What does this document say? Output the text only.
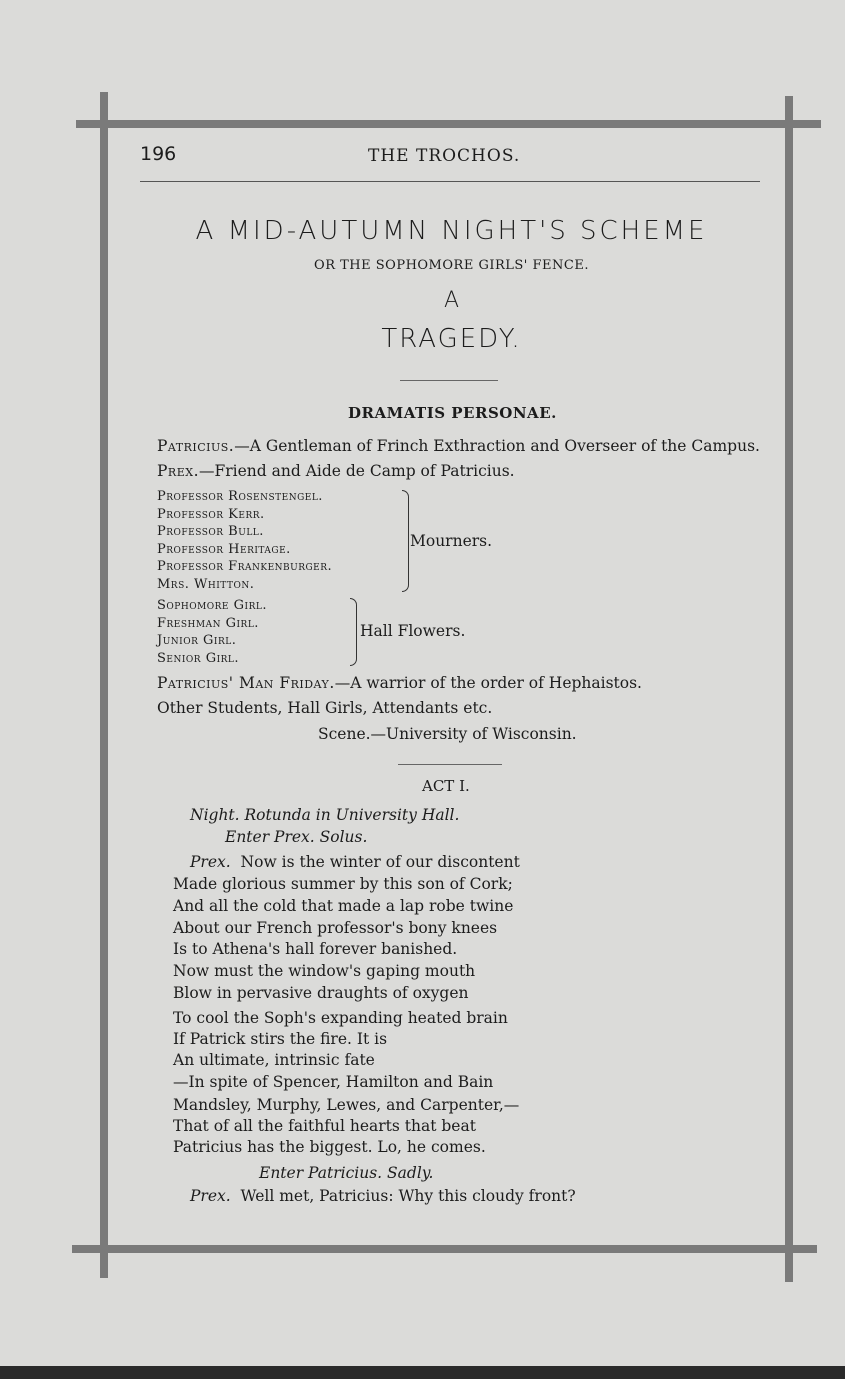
196	THE TROCHOS.
A MID-AUTUMN NIGHT'S SCHEME
OR THE SOPHOMORE GIRLS' FENCE.
A
TRAGEDY.
DRAMATIS PERSONAE.
Patricius.—A Gentleman of Frinch Exthraction and Overseer of the Campus.
Prex.—Friend and Aide de Camp of Patricius.
Professor Rosenstengel.
Professor Kerr.
Professor Bull.
Professor Heritage.
Professor Frankenburger.
Mrs. Whitton.
Mourners.
Sophomore Girl.
Freshman Girl.
Junior Girl.
Senior Girl.
Hall Flowers.
Patricius' Man Friday.—A warrior of the order of Hephaistos.
Other Students, Hall Girls, Attendants etc.
Scene.—University of Wisconsin.
ACT I.
Night. Rotunda in University Hall.
Enter Prex. Solus.
Prex. Now is the winter of our discontent
Made glorious summer by this son of Cork;
And all the cold that made a lap robe twine
About our French professor's bony knees
Is to Athena's hall forever banished.
Now must the window's gaping mouth
Blow in pervasive draughts of oxygen
To cool the Soph's expanding heated brain
If Patrick stirs the fire. It is
An ultimate, intrinsic fate
—In spite of Spencer, Hamilton and Bain
Mandsley, Murphy, Lewes, and Carpenter,—
That of all the faithful hearts that beat
Patricius has the biggest. Lo, he comes.
Enter Patricius. Sadly.
Prex. Well met, Patricius: Why this cloudy front?
